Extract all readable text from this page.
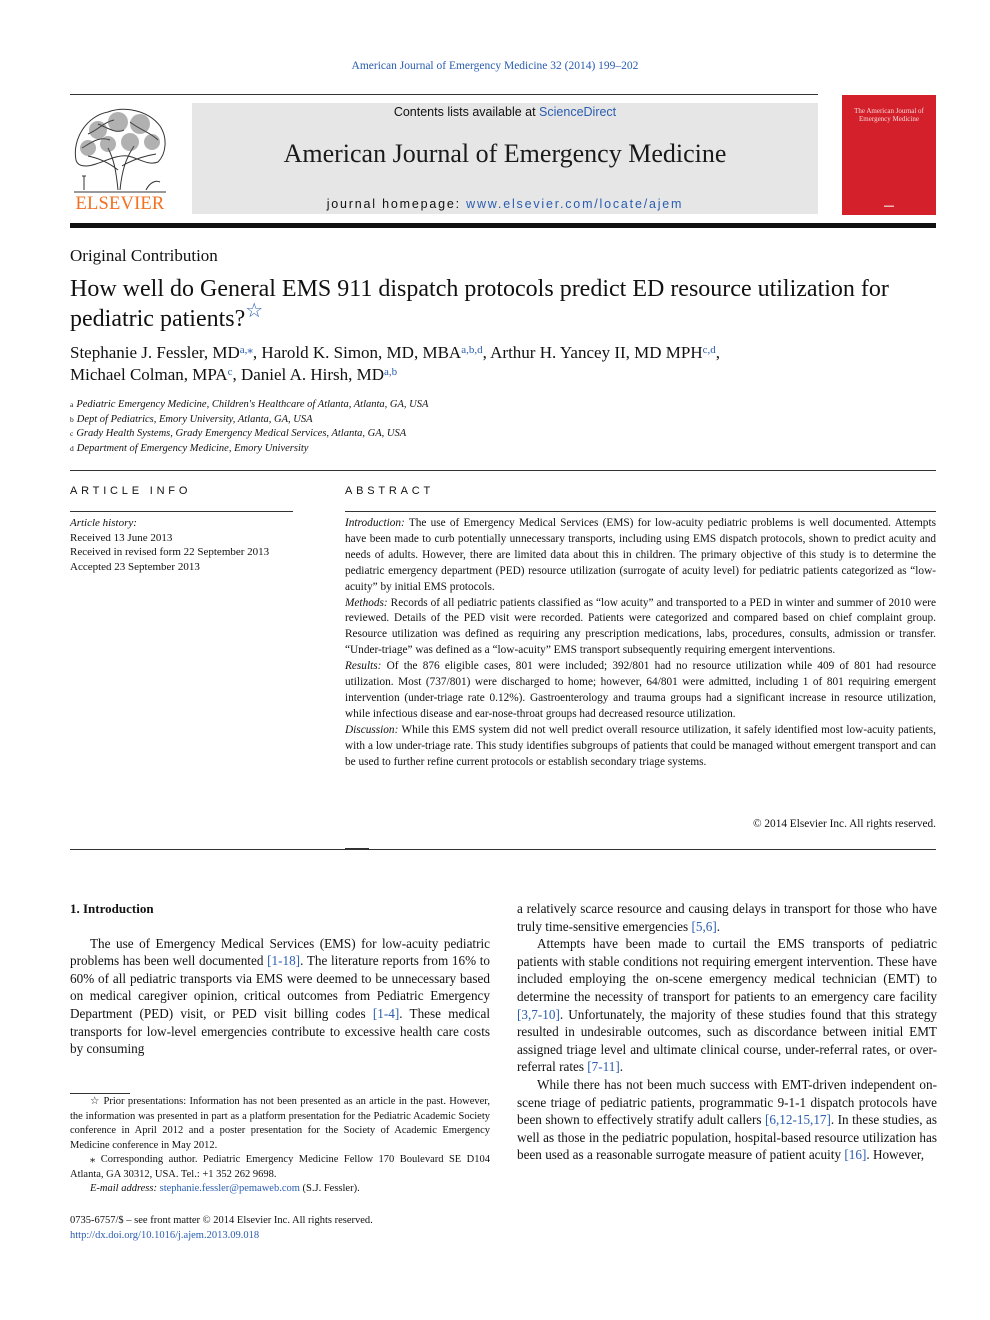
American Journal of Emergency Medicine 32 (2014) 199–202
ELSEVIER
Contents lists available at ScienceDirect
American Journal of Emergency Medicine
journal homepage: www.elsevier.com/locate/ajem
The American Journal of Emergency Medicine
▬▬
Original Contribution
How well do General EMS 911 dispatch protocols predict ED resource utilization for pediatric patients?☆
Stephanie J. Fessler, $MD^{a,⁎}$, Harold K. Simon, MD, MBA$^{a,b,d}$, Arthur H. Yancey II, MD MPH$^{c,d}$,
Michael Colman, MPA$^c$, Daniel A. Hirsh, MD$^{a,b}$
$^a$ Pediatric Emergency Medicine, Children's Healthcare of Atlanta, Atlanta, GA, USA
$^b$ Dept of Pediatrics, Emory University, Atlanta, GA, USA
$^c$ Grady Health Systems, Grady Emergency Medical Services, Atlanta, GA, USA
$^d$ Department of Emergency Medicine, Emory University
ARTICLE INFO	ABSTRACT
Article history:
Received 13 June 2013
Received in revised form 22 September 2013
Accepted 23 September 2013
Introduction: The use of Emergency Medical Services (EMS) for low-acuity pediatric problems is well documented. Attempts have been made to curb potentially unnecessary transports, including using EMS dispatch protocols, shown to predict acuity and needs of adults. However, there are limited data about this in children. The primary objective of this study is to determine the pediatric emergency department (PED) resource utilization (surrogate of acuity level) for pediatric patients categorized as “low-acuity” by initial EMS protocols.
Methods: Records of all pediatric patients classified as “low acuity” and transported to a PED in winter and summer of 2010 were reviewed. Details of the PED visit were recorded. Patients were categorized and compared based on chief complaint group. Resource utilization was defined as requiring any prescription medications, labs, procedures, consults, admission or transfer. “Under-triage” was defined as a “low-acuity” EMS transport subsequently requiring emergent interventions.
Results: Of the 876 eligible cases, 801 were included; 392/801 had no resource utilization while 409 of 801 had resource utilization. Most (737/801) were discharged to home; however, 64/801 were admitted, including 1 of 801 requiring emergent intervention (under-triage rate 0.12%). Gastroenterology and trauma groups had a significant increase in resource utilization, while infectious disease and ear-nose-throat groups had decreased resource utilization.
Discussion: While this EMS system did not well predict overall resource utilization, it safely identified most low-acuity patients, with a low under-triage rate. This study identifies subgroups of patients that could be managed without emergent transport and can be used to further refine current protocols or establish secondary triage systems.
© 2014 Elsevier Inc. All rights reserved.
1. Introduction
The use of Emergency Medical Services (EMS) for low-acuity pediatric problems has been well documented [1-18]. The literature reports from 16% to 60% of all pediatric transports via EMS were deemed to be unnecessary based on medical caregiver opinion, critical outcomes from Pediatric Emergency Department (PED) visit, or PED visit billing codes [1-4]. These medical transports for low-level emergencies contribute to excessive health care costs by consuming
a relatively scarce resource and causing delays in transport for those who have truly time-sensitive emergencies [5,6].
Attempts have been made to curtail the EMS transports of pediatric patients with stable conditions not requiring emergent intervention. These have included employing the on-scene emergency medical technician (EMT) to determine the necessity of transport for patients to an emergency care facility [3,7-10]. Unfortunately, the majority of these studies found that this strategy resulted in undesirable outcomes, such as discordance between initial EMT assigned triage level and ultimate clinical course, under-referral rates, or over-referral rates [7-11].
While there has not been much success with EMT-driven independent on-scene triage of pediatric patients, programmatic 9-1-1 dispatch protocols have been shown to effectively stratify adult callers [6,12-15,17]. In these studies, as well as those in the pediatric population, hospital-based resource utilization has been used as a reasonable surrogate measure of patient acuity [16]. However,
☆ Prior presentations: Information has not been presented as an article in the past. However, the information was presented in part as a platform presentation for the Pediatric Academic Society conference in April 2012 and a poster presentation for the Society of Academic Emergency Medicine conference in May 2012.
⁎ Corresponding author. Pediatric Emergency Medicine Fellow 170 Boulevard SE D104 Atlanta, GA 30312, USA. Tel.: +1 352 262 9698.
E-mail address: stephanie.fessler@pemaweb.com (S.J. Fessler).
0735-6757/$ – see front matter © 2014 Elsevier Inc. All rights reserved.
http://dx.doi.org/10.1016/j.ajem.2013.09.018
